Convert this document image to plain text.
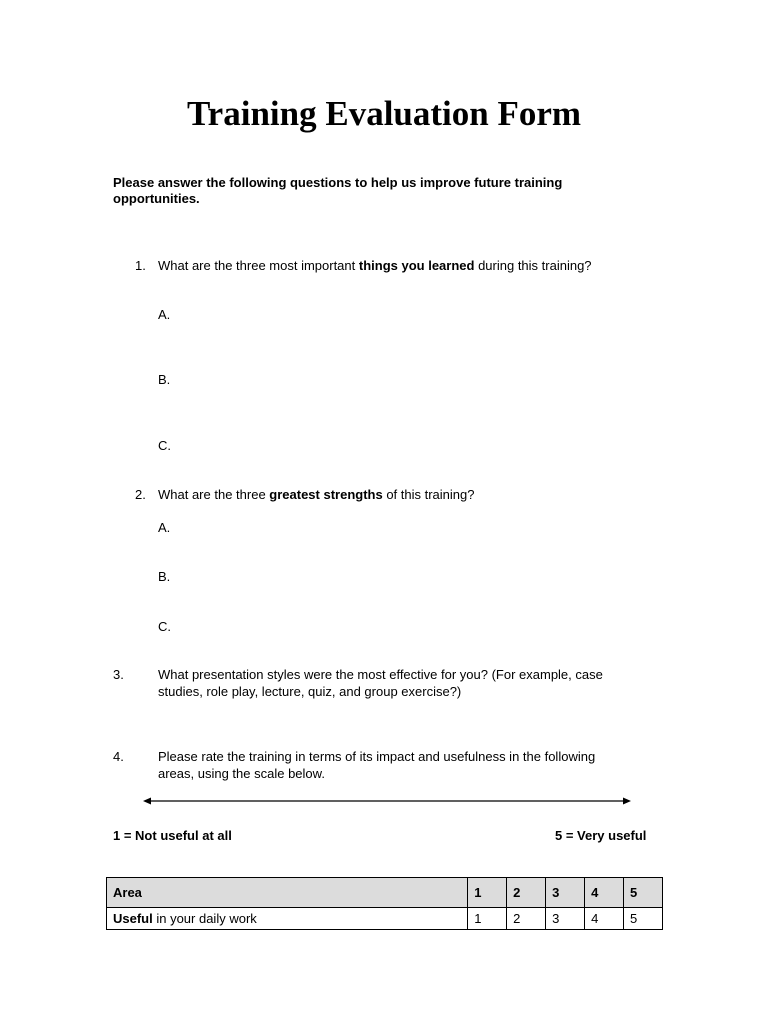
Training Evaluation Form
Please answer the following questions to help us improve future training opportunities.
1. What are the three most important things you learned during this training?
A.
B.
C.
2. What are the three greatest strengths of this training?
A.
B.
C.
3.	What presentation styles were the most effective for you? (For example, case
studies, role play, lecture, quiz, and group exercise?)
4.	Please rate the training in terms of its impact and usefulness in the following
areas, using the scale below.
1 = Not useful at all	5 = Very useful
Area	1	2	3	4	5
Useful in your daily work	1	2	3	4	5
